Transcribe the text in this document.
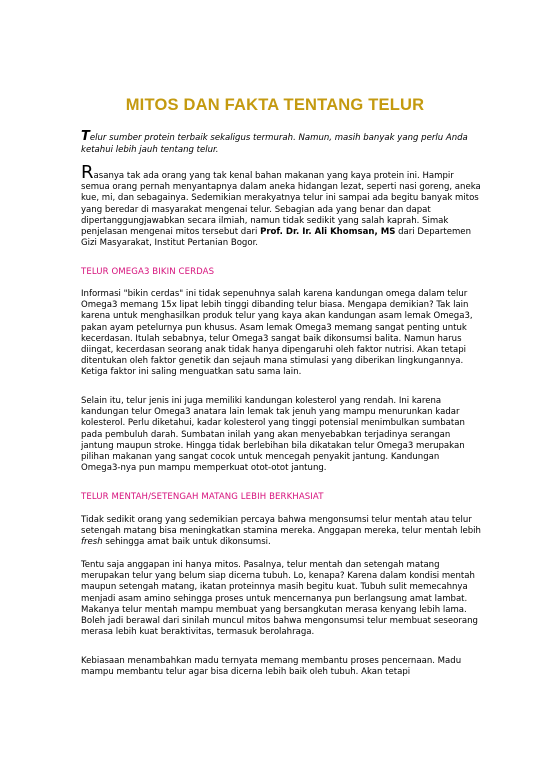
MITOS DAN FAKTA TENTANG TELUR
Telur sumber protein terbaik sekaligus termurah. Namun, masih banyak yang perlu Anda ketahui lebih jauh tentang telur.
Rasanya tak ada orang yang tak kenal bahan makanan yang kaya protein ini. Hampir semua orang pernah menyantapnya dalam aneka hidangan lezat, seperti nasi goreng, aneka kue, mi, dan sebagainya. Sedemikian merakyatnya telur ini sampai ada begitu banyak mitos yang beredar di masyarakat mengenai telur. Sebagian ada yang benar dan dapat dipertanggungjawabkan secara ilmiah, namun tidak sedikit yang salah kaprah. Simak penjelasan mengenai mitos tersebut dari Prof. Dr. Ir. Ali Khomsan, MS dari Departemen Gizi Masyarakat, Institut Pertanian Bogor.
TELUR OMEGA3 BIKIN CERDAS
Informasi "bikin cerdas" ini tidak sepenuhnya salah karena kandungan omega dalam telur Omega3 memang 15x lipat lebih tinggi dibanding telur biasa. Mengapa demikian? Tak lain karena untuk menghasilkan produk telur yang kaya akan kandungan asam lemak Omega3, pakan ayam petelurnya pun khusus. Asam lemak Omega3 memang sangat penting untuk kecerdasan. Itulah sebabnya, telur Omega3 sangat baik dikonsumsi balita. Namun harus diingat, kecerdasan seorang anak tidak hanya dipengaruhi oleh faktor nutrisi. Akan tetapi ditentukan oleh faktor genetik dan sejauh mana stimulasi yang diberikan lingkungannya. Ketiga faktor ini saling menguatkan satu sama lain.
Selain itu, telur jenis ini juga memiliki kandungan kolesterol yang rendah. Ini karena kandungan telur Omega3 anatara lain lemak tak jenuh yang mampu menurunkan kadar kolesterol. Perlu diketahui, kadar kolesterol yang tinggi potensial menimbulkan sumbatan pada pembuluh darah. Sumbatan inilah yang akan menyebabkan terjadinya serangan jantung maupun stroke. Hingga tidak berlebihan bila dikatakan telur Omega3 merupakan pilihan makanan yang sangat cocok untuk mencegah penyakit jantung. Kandungan Omega3-nya pun mampu memperkuat otot-otot jantung.
TELUR MENTAH/SETENGAH MATANG LEBIH BERKHASIAT
Tidak sedikit orang yang sedemikian percaya bahwa mengonsumsi telur mentah atau telur setengah matang bisa meningkatkan stamina mereka. Anggapan mereka, telur mentah lebih fresh sehingga amat baik untuk dikonsumsi.
Tentu saja anggapan ini hanya mitos. Pasalnya, telur mentah dan setengah matang merupakan telur yang belum siap dicerna tubuh. Lo, kenapa? Karena dalam kondisi mentah maupun setengah matang, ikatan proteinnya masih begitu kuat. Tubuh sulit memecahnya menjadi asam amino sehingga proses untuk mencernanya pun berlangsung amat lambat. Makanya telur mentah mampu membuat yang bersangkutan merasa kenyang lebih lama. Boleh jadi berawal dari sinilah muncul mitos bahwa mengonsumsi telur membuat seseorang merasa lebih kuat beraktivitas, termasuk berolahraga.
Kebiasaan menambahkan madu ternyata memang membantu proses pencernaan. Madu mampu membantu telur agar bisa dicerna lebih baik oleh tubuh. Akan tetapi
